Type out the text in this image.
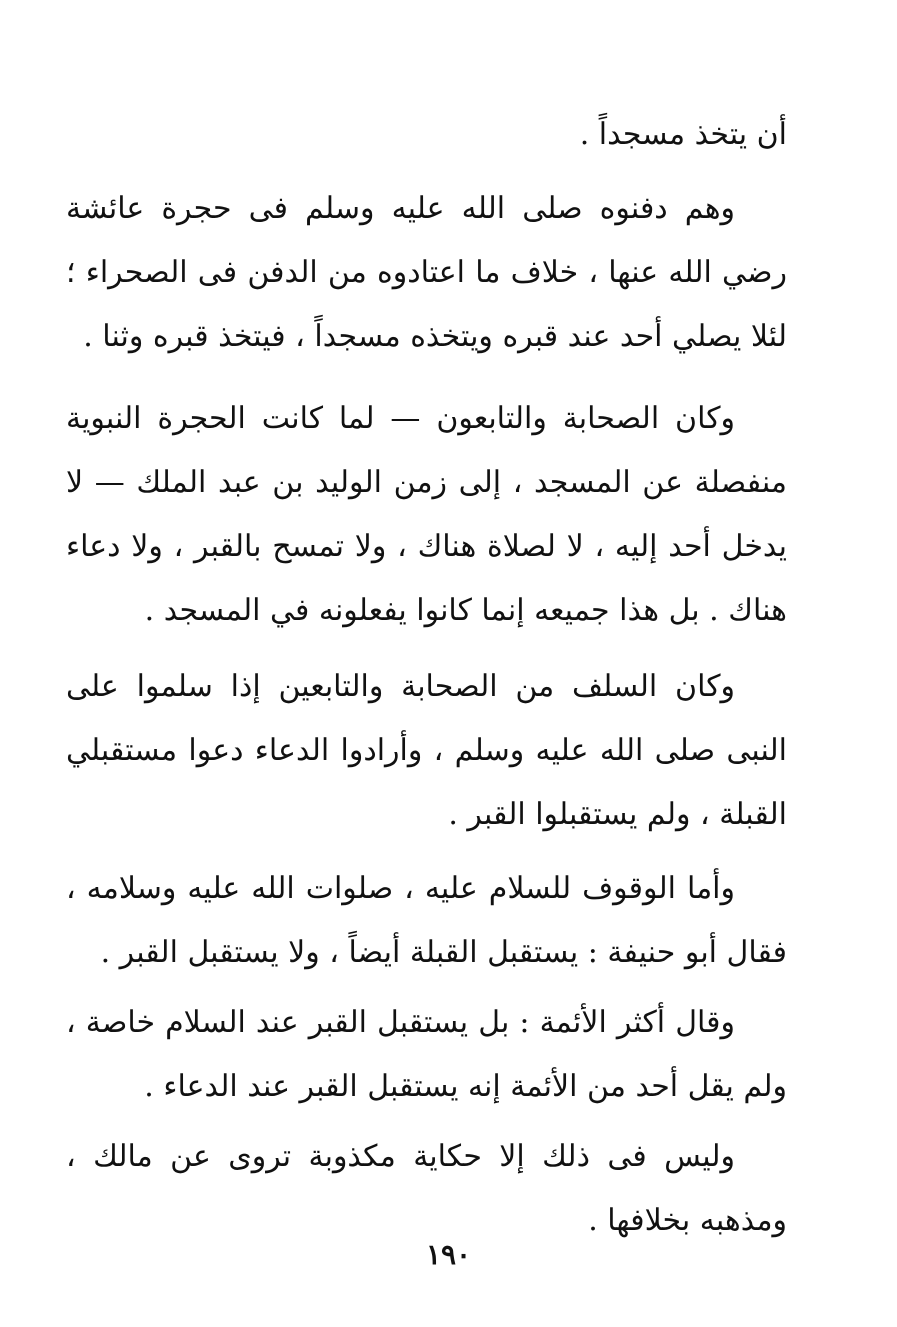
أن يتخذ مسجداً .

وهم دفنوه صلى الله عليه وسلم فى حجرة عائشة رضي الله عنها ، خلاف ما اعتادوه من الدفن فى الصحراء ؛ لئلا يصلي أحد عند قبره ويتخذه مسجداً ، فيتخذ قبره وثنا .

وكان الصحابة والتابعون — لما كانت الحجرة النبوية منفصلة عن المسجد ، إلى زمن الوليد بن عبد الملك — لا يدخل أحد إليه ، لا لصلاة هناك ، ولا تمسح بالقبر ، ولا دعاء هناك . بل هذا جميعه إنما كانوا يفعلونه في المسجد .

وكان السلف من الصحابة والتابعين إذا سلموا على النبى صلى الله عليه وسلم ، وأرادوا الدعاء دعوا مستقبلي القبلة ، ولم يستقبلوا القبر .

وأما الوقوف للسلام عليه ، صلوات الله عليه وسلامه ، فقال أبو حنيفة : يستقبل القبلة أيضاً ، ولا يستقبل القبر .

وقال أكثر الأئمة : بل يستقبل القبر عند السلام خاصة ، ولم يقل أحد من الأئمة إنه يستقبل القبر عند الدعاء .

وليس فى ذلك إلا حكاية مكذوبة تروى عن مالك ، ومذهبه بخلافها .

١٩٠
